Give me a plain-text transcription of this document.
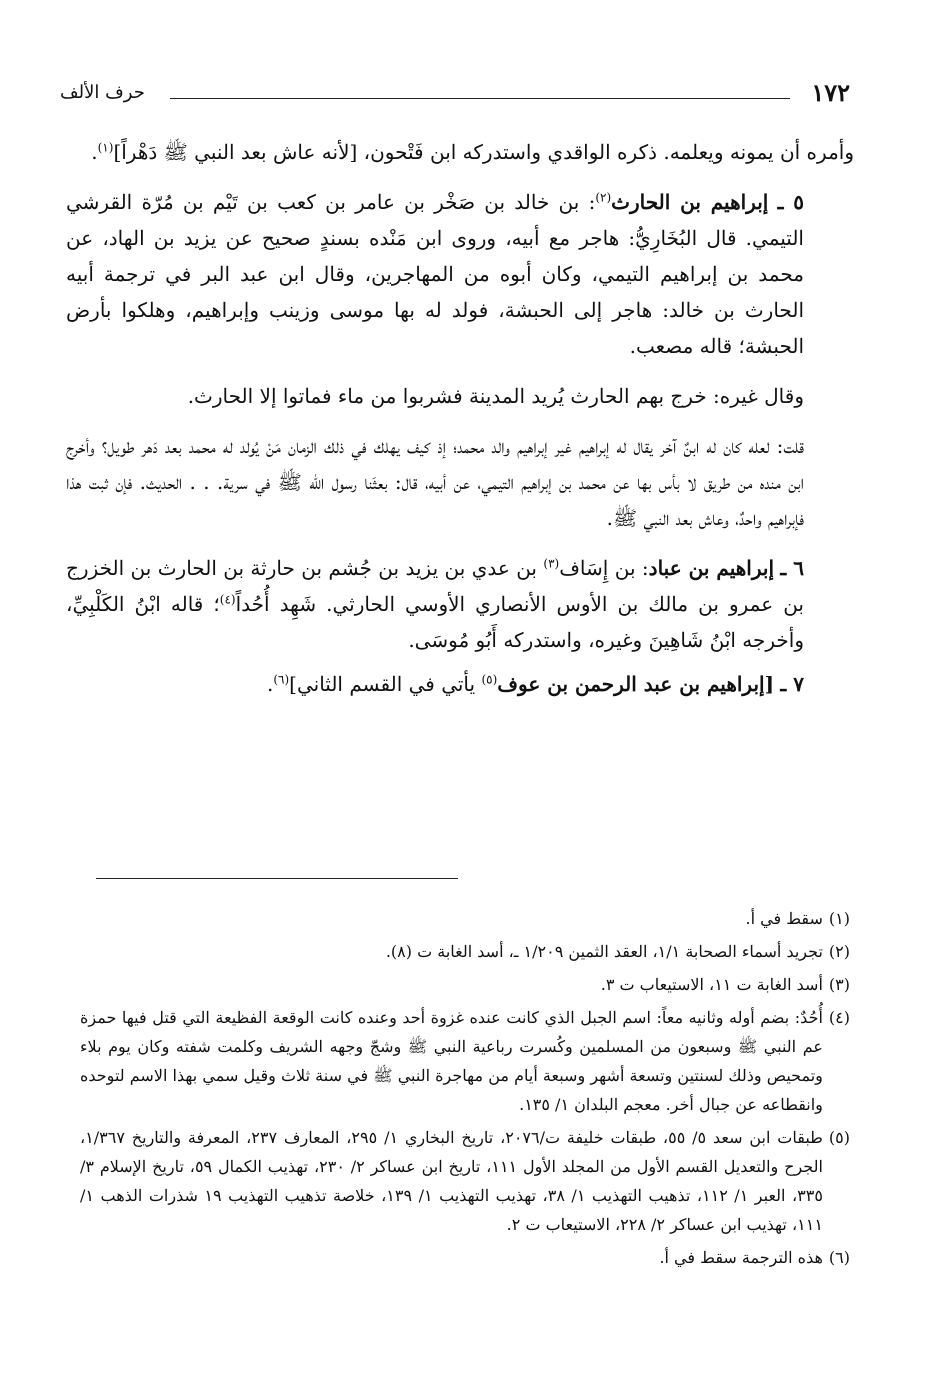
١٧٢
حرف الألف

وأمره أن يمونه ويعلمه. ذكره الواقدي واستدركه ابن فَتْحون، [لأنه عاش بعد النبي ﷺ دَهْراً]$^{(١)}$.

٥ ـ إبراهيم بن الحارث$^{(٢)}$: بن خالد بن صَخْر بن عامر بن كعب بن تَيْم بن مُرّة القرشي التيمي. قال البُخَارِيُّ: هاجر مع أبيه، وروى ابن مَنْده بسندٍ صحيح عن يزيد بن الهاد، عن محمد بن إبراهيم التيمي، وكان أبوه من المهاجرين، وقال ابن عبد البر في ترجمة أبيه الحارث بن خالد: هاجر إلى الحبشة، فولد له بها موسى وزينب وإبراهيم، وهلكوا بأرض الحبشة؛ قاله مصعب.

وقال غيره: خرج بهم الحارث يُريد المدينة فشربوا من ماء فماتوا إلا الحارث.

قلت: لعله كان له ابنٌ آخر يقال له إبراهيم غير إبراهيم والد محمد؛ إذ كيف يهلك في ذلك الزمان مَنْ يُولد له محمد بعد دَهر طويل؟ وأخرج ابن منده من طريق لا بأس بها عن محمد بن إبراهيم التيمي، عن أبيه، قال: بعثَنا رسول الله ﷺ في سرية. . . الحديث. فإن ثبت هذا فإبراهيم واحدٌ، وعاش بعد النبي ﷺ.

٦ ـ إبراهيم بن عباد: بن إِسَاف$^{(٣)}$ بن عدي بن يزيد بن جُشم بن حارثة بن الحارث بن الخزرج بن عمرو بن مالك بن الأوس الأنصاري الأوسي الحارثي. شَهِد أُحُداً$^{(٤)}$؛ قاله ابْنُ الكَلْبِيِّ، وأخرجه ابْنُ شَاهِينَ وغيره، واستدركه أَبُو مُوسَى.

٧ ـ [إبراهيم بن عبد الرحمن بن عوف$^{(٥)}$ يأتي في القسم الثاني]$^{(٦)}$.

(١)
سقط في أ.
(٢)
تجريد أسماء الصحابة ١/١، العقد الثمين ١/٢٠٩ ـ، أسد الغابة ت (٨).
(٣)
أسد الغابة ت ١١، الاستيعاب ت ٣.
(٤)
أُحُدٌ: بضم أوله وثانيه معاً: اسم الجبل الذي كانت عنده غزوة أحد وعنده كانت الوقعة الفظيعة التي قتل فيها حمزة عم النبي ﷺ وسبعون من المسلمين وكُسرت رباعية النبي ﷺ وشجّ وجهه الشريف وكلمت شفته وكان يوم بلاء وتمحيص وذلك لسنتين وتسعة أشهر وسبعة أيام من مهاجرة النبي ﷺ في سنة ثلاث وقيل سمي بهذا الاسم لتوحده وانقطاعه عن جبال أخر. معجم البلدان ١/ ١٣٥.
(٥)
طبقات ابن سعد ٥/ ٥٥، طبقات خليفة ت/٢٠٧٦، تاريخ البخاري ١/ ٢٩٥، المعارف ٢٣٧، المعرفة والتاريخ ١/٣٦٧، الجرح والتعديل القسم الأول من المجلد الأول ١١١، تاريخ ابن عساكر ٢/ ٢٣٠، تهذيب الكمال ٥٩، تاريخ الإسلام ٣/ ٣٣٥، العبر ١/ ١١٢، تذهيب التهذيب ١/ ٣٨، تهذيب التهذيب ١/ ١٣٩، خلاصة تذهيب التهذيب ١٩ شذرات الذهب ١/ ١١١، تهذيب ابن عساكر ٢/ ٢٢٨، الاستيعاب ت ٢.
(٦)
هذه الترجمة سقط في أ.
